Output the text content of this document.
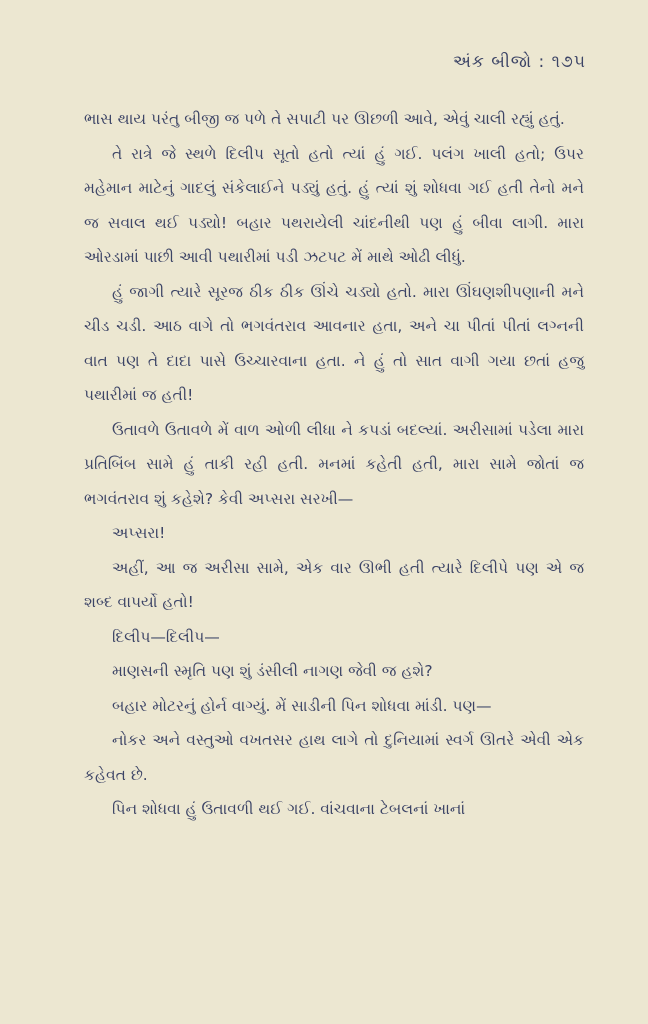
અંક બીજો : ૧૭૫

ભાસ થાય પરંતુ બીજી જ પળે તે સપાટી પર ઊછળી આવે, એવું ચાલી રહ્યું હતું.

તે રાત્રે જે સ્થળે દિલીપ સૂતો હતો ત્યાં હું ગઈ. પલંગ ખાલી હતો; ઉપર મહેમાન માટેનું ગાદલું સંકેલાઈને પડ્યું હતું. હું ત્યાં શું શોધવા ગઈ હતી તેનો મને જ સવાલ થઈ પડ્યો! બહાર પથરાયેલી ચાંદનીથી પણ હું બીવા લાગી. મારા ઓરડામાં પાછી આવી પથારીમાં પડી ઝટપટ મેં માથે ઓઢી લીધું.

હું જાગી ત્યારે સૂરજ ઠીક ઠીક ઊંચે ચડ્યો હતો. મારા ઊંઘણશીપણાની મને ચીડ ચડી. આઠ વાગે તો ભગવંતરાવ આવનાર હતા, અને ચા પીતાં પીતાં લગ્નની વાત પણ તે દાદા પાસે ઉચ્ચારવાના હતા. ને હું તો સાત વાગી ગયા છતાં હજુ પથારીમાં જ હતી!

ઉતાવળે ઉતાવળે મેં વાળ ઓળી લીધા ને કપડાં બદલ્યાં. અરીસામાં પડેલા મારા પ્રતિબિંબ સામે હું તાકી રહી હતી. મનમાં કહેતી હતી, મારા સામે જોતાં જ ભગવંતરાવ શું કહેશે? કેવી અપ્સરા સરખી—

અપ્સરા!

અહીં, આ જ અરીસા સામે, એક વાર ઊભી હતી ત્યારે દિલીપે પણ એ જ શબ્દ વાપર્યો હતો!

દિલીપ—દિલીપ—

માણસની સ્મૃતિ પણ શું ડંસીલી નાગણ જેવી જ હશે?

બહાર મોટરનું હોર્ન વાગ્યું. મેં સાડીની પિન શોધવા માંડી. પણ—

નોકર અને વસ્તુઓ વખતસર હાથ લાગે તો દુનિયામાં સ્વર્ગ ઊતરે એવી એક કહેવત છે.

પિન શોધવા હું ઉતાવળી થઈ ગઈ. વાંચવાના ટેબલનાં ખાનાં
